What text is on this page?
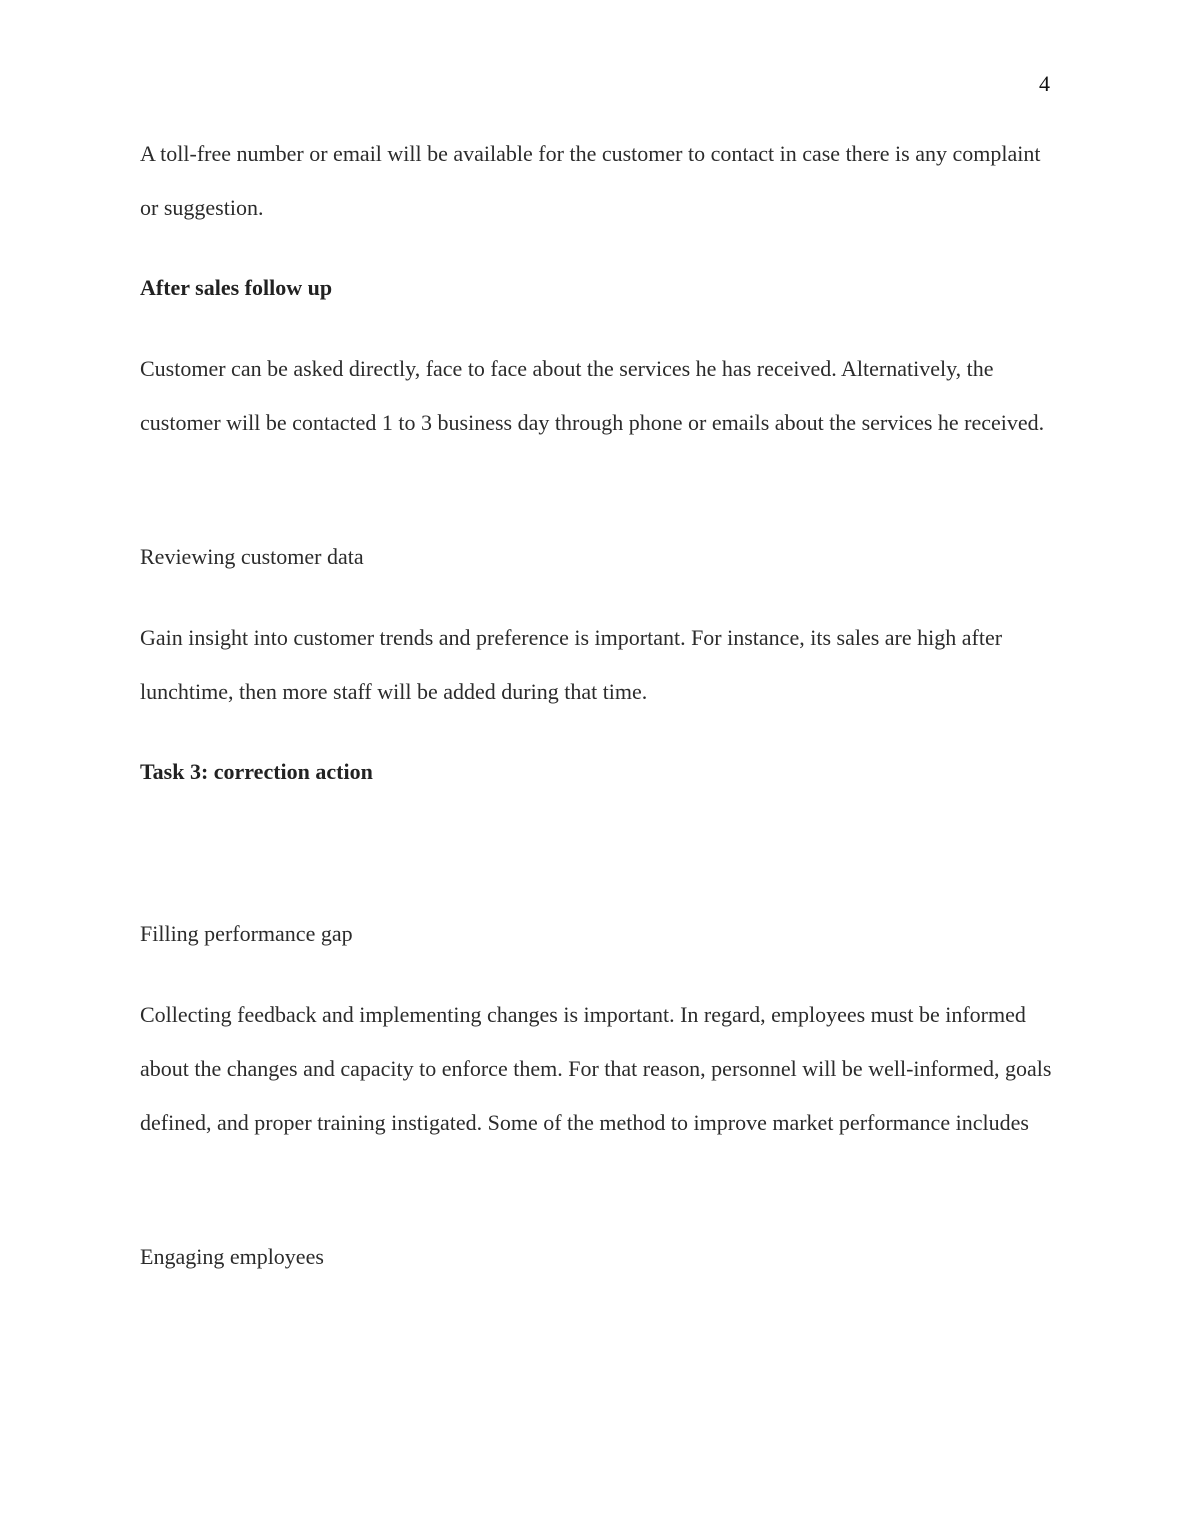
4

A toll-free number or email will be available for the customer to contact in case there is any complaint or suggestion.

After sales follow up

Customer can be asked directly, face to face about the services he has received. Alternatively, the customer will be contacted 1 to 3 business day through phone or emails about the services he received.

Reviewing customer data

Gain insight into customer trends and preference is important. For instance, its sales are high after lunchtime, then more staff will be added during that time.

Task 3: correction action

Filling performance gap

Collecting feedback and implementing changes is important. In regard, employees must be informed about the changes and capacity to enforce them. For that reason, personnel will be well-informed, goals defined, and proper training instigated. Some of the method to improve market performance includes

Engaging employees
